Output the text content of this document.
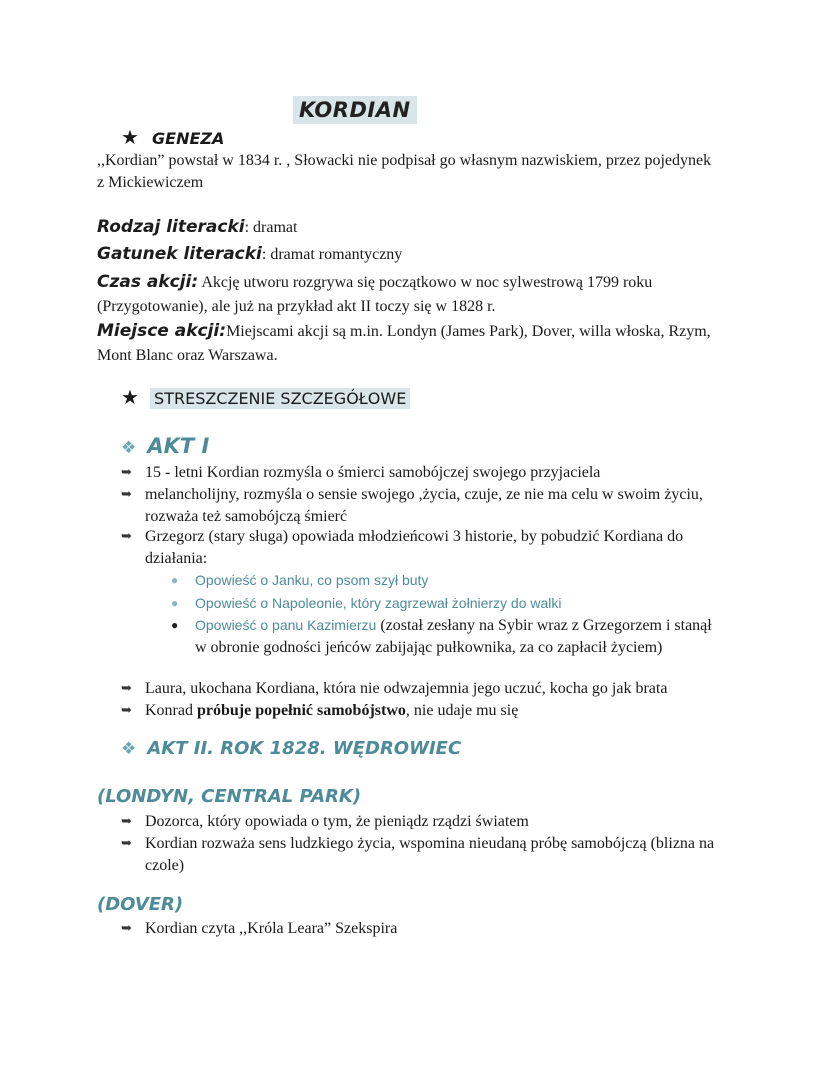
KORDIAN
★ GENEZA
,,Kordian” powstał w 1834 r. , Słowacki nie podpisał go własnym nazwiskiem, przez pojedynek z Mickiewiczem
Rodzaj literacki: dramat
Gatunek literacki: dramat romantyczny
Czas akcji: Akcję utworu rozgrywa się początkowo w noc sylwestrową 1799 roku (Przygotowanie), ale już na przykład akt II toczy się w 1828 r.
Miejsce akcji:Miejscami akcji są m.in. Londyn (James Park), Dover, willa włoska, Rzym, Mont Blanc oraz Warszawa.
★ STRESZCZENIE SZCZEGÓŁOWE
❖ AKT I
➥ 15 - letni Kordian rozmyśla o śmierci samobójczej swojego przyjaciela
➥ melancholijny, rozmyśla o sensie swojego ,życia, czuje, ze nie ma celu w swoim życiu, rozważa też samobójczą śmierć
➥ Grzegorz (stary sługa) opowiada młodzieńcowi 3 historie, by pobudzić Kordiana do działania:
● Opowieść o Janku, co psom szył buty
● Opowieść o Napoleonie, który zagrzewał żołnierzy do walki
● Opowieść o panu Kazimierzu (został zesłany na Sybir wraz z Grzegorzem i stanął w obronie godności jeńców zabijając pułkownika, za co zapłacił życiem)
➥ Laura, ukochana Kordiana, która nie odwzajemnia jego uczuć, kocha go jak brata
➥ Konrad próbuje popełnić samobójstwo, nie udaje mu się
❖ AKT II. ROK 1828. WĘDROWIEC
(LONDYN, CENTRAL PARK)
➥ Dozorca, który opowiada o tym, że pieniądz rządzi światem
➥ Kordian rozważa sens ludzkiego życia, wspomina nieudaną próbę samobójczą (blizna na czole)
(DOVER)
➥ Kordian czyta ,,Króla Leara” Szekspira
